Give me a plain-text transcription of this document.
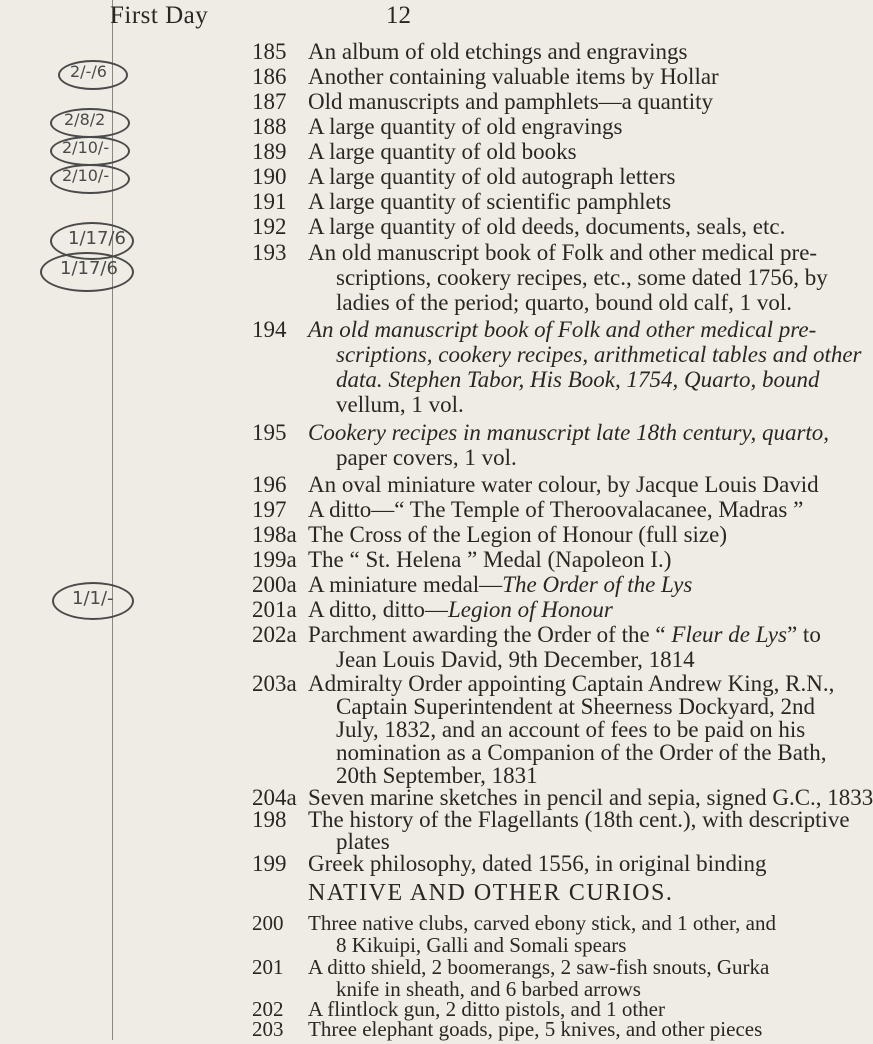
First Day	12
2/-/6
2/8/2
2/10/-
2/10/-
1/17/6
1/17/6
1/1/-
185 An album of old etchings and engravings
186 Another containing valuable items by Hollar
187 Old manuscripts and pamphlets—a quantity
188 A large quantity of old engravings
189 A large quantity of old books
190 A large quantity of old autograph letters
191 A large quantity of scientific pamphlets
192 A large quantity of old deeds, documents, seals, etc.
193 An old manuscript book of Folk and other medical pre-
scriptions, cookery recipes, etc., some dated 1756, by
ladies of the period; quarto, bound old calf, 1 vol.
194 An old manuscript book of Folk and other medical pre-
scriptions, cookery recipes, arithmetical tables and other
data. Stephen Tabor, His Book, 1754, Quarto, bound
vellum, 1 vol.
195 Cookery recipes in manuscript late 18th century, quarto,
paper covers, 1 vol.
196 An oval miniature water colour, by Jacque Louis David
197 A ditto—“ The Temple of Theroovalacanee, Madras ”
198a The Cross of the Legion of Honour (full size)
199a The “ St. Helena ” Medal (Napoleon I.)
200a A miniature medal—The Order of the Lys
201a A ditto, ditto—Legion of Honour
202a Parchment awarding the Order of the “ Fleur de Lys” to
Jean Louis David, 9th December, 1814
203a Admiralty Order appointing Captain Andrew King, R.N.,
Captain Superintendent at Sheerness Dockyard, 2nd
July, 1832, and an account of fees to be paid on his
nomination as a Companion of the Order of the Bath,
20th September, 1831
204a Seven marine sketches in pencil and sepia, signed G.C., 1833
198 The history of the Flagellants (18th cent.), with descriptive
plates
199 Greek philosophy, dated 1556, in original binding
NATIVE AND OTHER CURIOS.
200 Three native clubs, carved ebony stick, and 1 other, and
8 Kikuipi, Galli and Somali spears
201 A ditto shield, 2 boomerangs, 2 saw-fish snouts, Gurka
knife in sheath, and 6 barbed arrows
202 A flintlock gun, 2 ditto pistols, and 1 other
203 Three elephant goads, pipe, 5 knives, and other pieces
